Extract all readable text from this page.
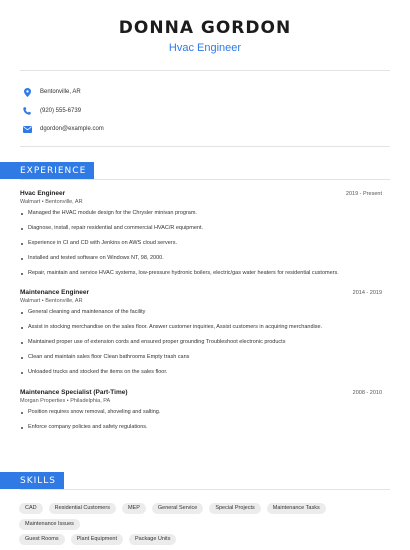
DONNA GORDON
Hvac Engineer
Bentonville, AR
(920) 555-6739
dgordon@example.com
EXPERIENCE
Hvac Engineer	2019 - Present
Walmart • Bentonville, AR
Managed the HVAC module design for the Chrysler minivan program.
Diagnose, install, repair residential and commercial HVAC/R equipment.
Experience in CI and CD with Jenkins on AWS cloud servers.
Installed and tested software on Windows NT, 98, 2000.
Repair, maintain and service HVAC systems, low-pressure hydronic boilers, electric/gas water heaters for residential customers.
Maintenance Engineer	2014 - 2019
Walmart • Bentonville, AR
General cleaning and maintenance of the facility
Assist in stocking merchandise on the sales floor. Answer customer inquiries, Assist customers in acquiring merchandise.
Maintained proper use of extension cords and ensured proper grounding Troubleshoot electronic products
Clean and maintain sales floor Clean bathrooms Empty trash cans
Unloaded trucks and stocked the items on the sales floor.
Maintenance Specialist (Part-Time)	2008 - 2010
Morgan Properties • Philadelphia, PA
Position requires snow removal, shoveling and salting.
Enforce company policies and safety regulations.
SKILLS
CAD	Residential Customers	MEP	General Service	Special Projects	Maintenance Tasks
Maintenance Issues
Guest Rooms	Plant Equipment	Package Units
